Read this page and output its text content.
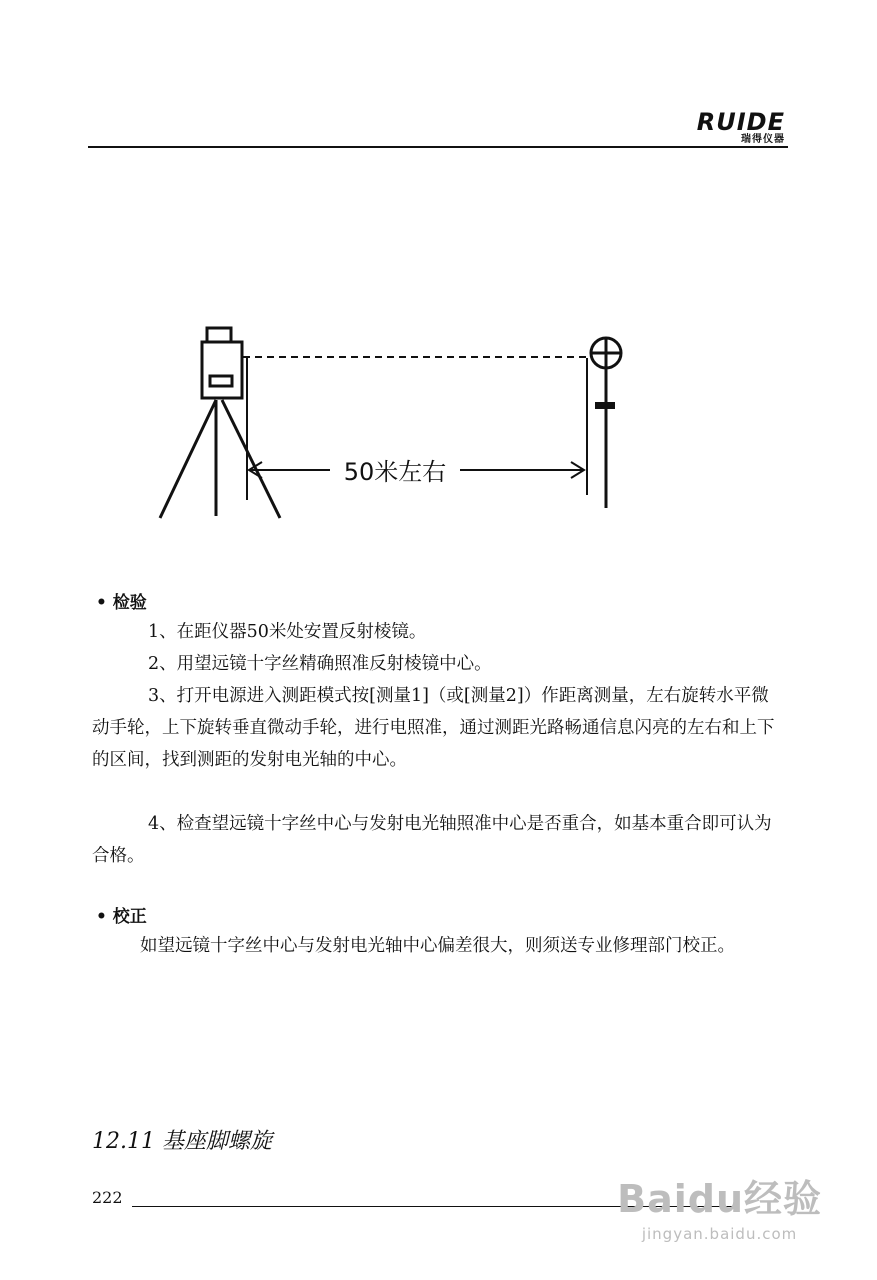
RUIDE
瑞得仪器
50米左右
• 检验

1、在距仪器50米处安置反射棱镜。

2、用望远镜十字丝精确照准反射棱镜中心。

3、打开电源进入测距模式按[测量1]（或[测量2]）作距离测量，左右旋转水平微动手轮，上下旋转垂直微动手轮，进行电照准，通过测距光路畅通信息闪亮的左右和上下的区间，找到测距的发射电光轴的中心。

4、检查望远镜十字丝中心与发射电光轴照准中心是否重合，如基本重合即可认为合格。

• 校正

如望远镜十字丝中心与发射电光轴中心偏差很大，则须送专业修理部门校正。

12.11 基座脚螺旋
222	Baidu经验
jingyan.baidu.com
